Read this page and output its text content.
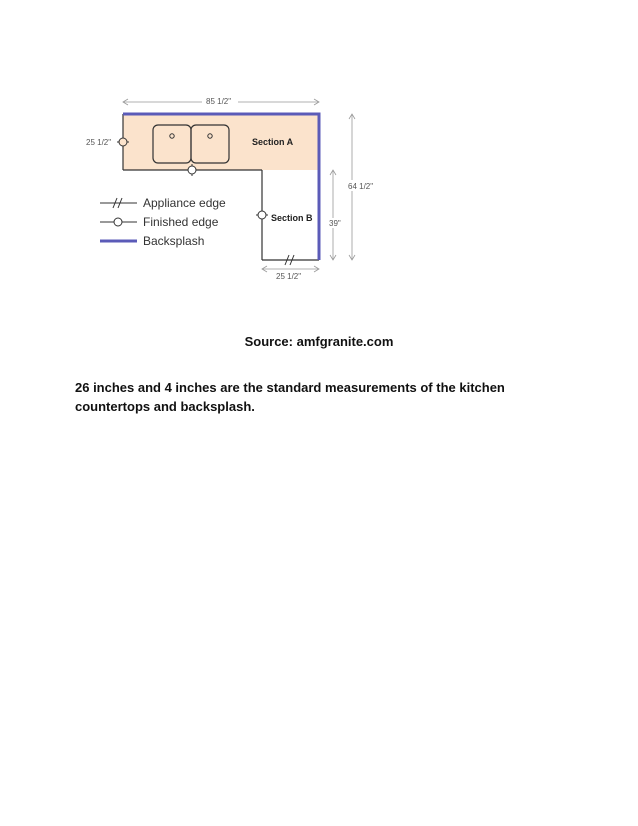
Section A
Section B
85 1/2"
25 1/2"
64 1/2"
39"
25 1/2"
Appliance edge
Finished edge
Backsplash
Source: amfgranite.com

26 inches and 4 inches are the standard measurements of the kitchen countertops and backsplash.
